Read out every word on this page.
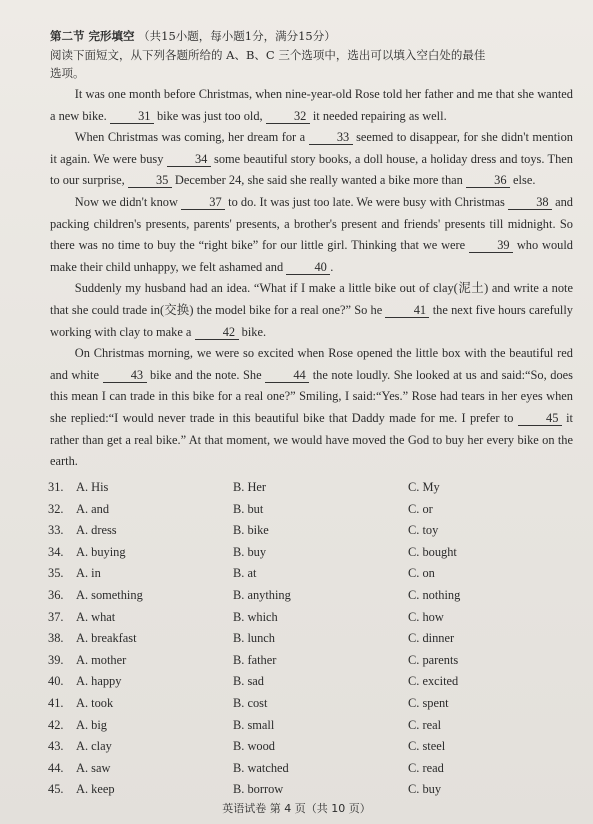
第二节 完形填空 （共15小题，每小题1分，满分15分）
阅读下面短文，从下列各题所给的 A、B、C 三个选项中，选出可以填入空白处的最佳
选项。

It was one month before Christmas, when nine-year-old Rose told her father and me that she wanted a new bike. 31 bike was just too old, 32 it needed repairing as well.

When Christmas was coming, her dream for a 33 seemed to disappear, for she didn't mention it again. We were busy 34 some beautiful story books, a doll house, a holiday dress and toys. Then to our surprise, 35 December 24, she said she really wanted a bike more than 36 else.

Now we didn't know 37 to do. It was just too late. We were busy with Christmas 38 and packing children's presents, parents' presents, a brother's present and friends' presents till midnight. So there was no time to buy the “right bike” for our little girl. Thinking that we were 39 who would make their child unhappy, we felt ashamed and 40 .

Suddenly my husband had an idea. “What if I make a little bike out of clay(泥土) and write a note that she could trade in(交换) the model bike for a real one?” So he 41 the next five hours carefully working with clay to make a 42 bike.

On Christmas morning, we were so excited when Rose opened the little box with the beautiful red and white 43 bike and the note. She 44 the note loudly. She looked at us and said:“So, does this mean I can trade in this bike for a real one?” Smiling, I said:“Yes.” Rose had tears in her eyes when she replied:“I would never trade in this beautiful bike that Daddy made for me. I prefer to 45 it rather than get a real bike.” At that moment, we would have moved the God to buy her every bike on the earth.

31. A. His	B. Her	C. My
32. A. and	B. but	C. or
33. A. dress	B. bike	C. toy
34. A. buying	B. buy	C. bought
35. A. in	B. at	C. on
36. A. something	B. anything	C. nothing
37. A. what	B. which	C. how
38. A. breakfast	B. lunch	C. dinner
39. A. mother	B. father	C. parents
40. A. happy	B. sad	C. excited
41. A. took	B. cost	C. spent
42. A. big	B. small	C. real
43. A. clay	B. wood	C. steel
44. A. saw	B. watched	C. read
45. A. keep	B. borrow	C. buy
英语试卷 第 4 页（共 10 页）
